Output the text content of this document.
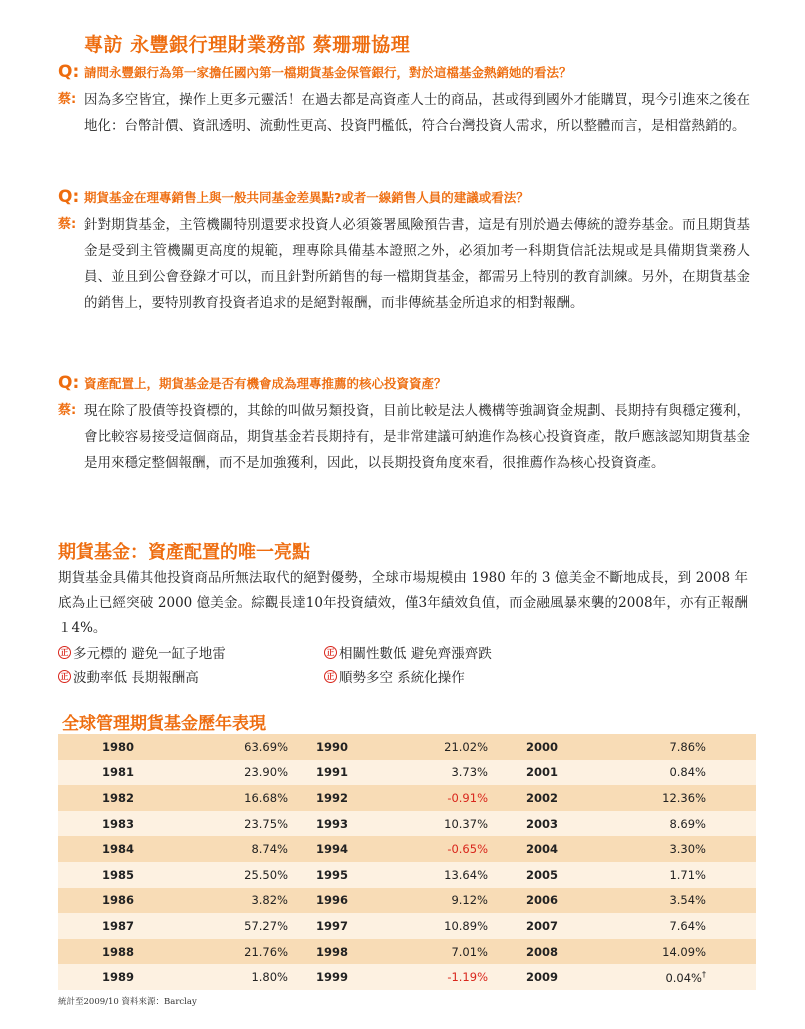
專訪 永豐銀行理財業務部 蔡珊珊協理
Q: 請問永豐銀行為第一家擔任國內第一檔期貨基金保管銀行，對於這檔基金熱銷她的看法？
蔡: 因為多空皆宜，操作上更多元靈活！在過去都是高資產人士的商品，甚或得到國外才能購買，現今引進來之後在地化：台幣計價、資訊透明、流動性更高、投資門檻低，符合台灣投資人需求，所以整體而言，是相當熱銷的。
Q: 期貨基金在理專銷售上與一般共同基金差異點?或者一線銷售人員的建議或看法？
蔡: 針對期貨基金，主管機關特別還要求投資人必須簽署風險預告書，這是有別於過去傳統的證券基金。而且期貨基金是受到主管機關更高度的規範，理專除具備基本證照之外，必須加考一科期貨信託法規或是具備期貨業務人員、並且到公會登錄才可以，而且針對所銷售的每一檔期貨基金，都需另上特別的教育訓練。另外，在期貨基金的銷售上，要特別教育投資者追求的是絕對報酬，而非傳統基金所追求的相對報酬。
Q: 資產配置上，期貨基金是否有機會成為理專推薦的核心投資資產？
蔡: 現在除了股債等投資標的，其餘的叫做另類投資，目前比較是法人機構等強調資金規劃、長期持有與穩定獲利，會比較容易接受這個商品，期貨基金若長期持有，是非常建議可納進作為核心投資資產，散戶應該認知期貨基金是用來穩定整個報酬，而不是加強獲利，因此，以長期投資角度來看，很推薦作為核心投資資產。
期貨基金：資產配置的唯一亮點
期貨基金具備其他投資商品所無法取代的絕對優勢，全球市場規模由 1980 年的 3 億美金不斷地成長，到 2008 年底為止已經突破 2000 億美金。綜觀長達10年投資績效，僅3年績效負值，而金融風暴來襲的2008年，亦有正報酬１4%。
正 多元標的 避免一缸子地雷	正 相關性數低 避免齊漲齊跌
正 波動率低 長期報酬高	正 順勢多空 系統化操作
全球管理期貨基金歷年表現
1980	63.69%	1990	21.02%	2000	7.86%
1981	23.90%	1991	3.73%	2001	0.84%
1982	16.68%	1992	-0.91%	2002	12.36%
1983	23.75%	1993	10.37%	2003	8.69%
1984	8.74%	1994	-0.65%	2004	3.30%
1985	25.50%	1995	13.64%	2005	1.71%
1986	3.82%	1996	9.12%	2006	3.54%
1987	57.27%	1997	10.89%	2007	7.64%
1988	21.76%	1998	7.01%	2008	14.09%
1989	1.80%	1999	-1.19%	2009	0.04%†
統計至2009/10 資料來源：Barclay
